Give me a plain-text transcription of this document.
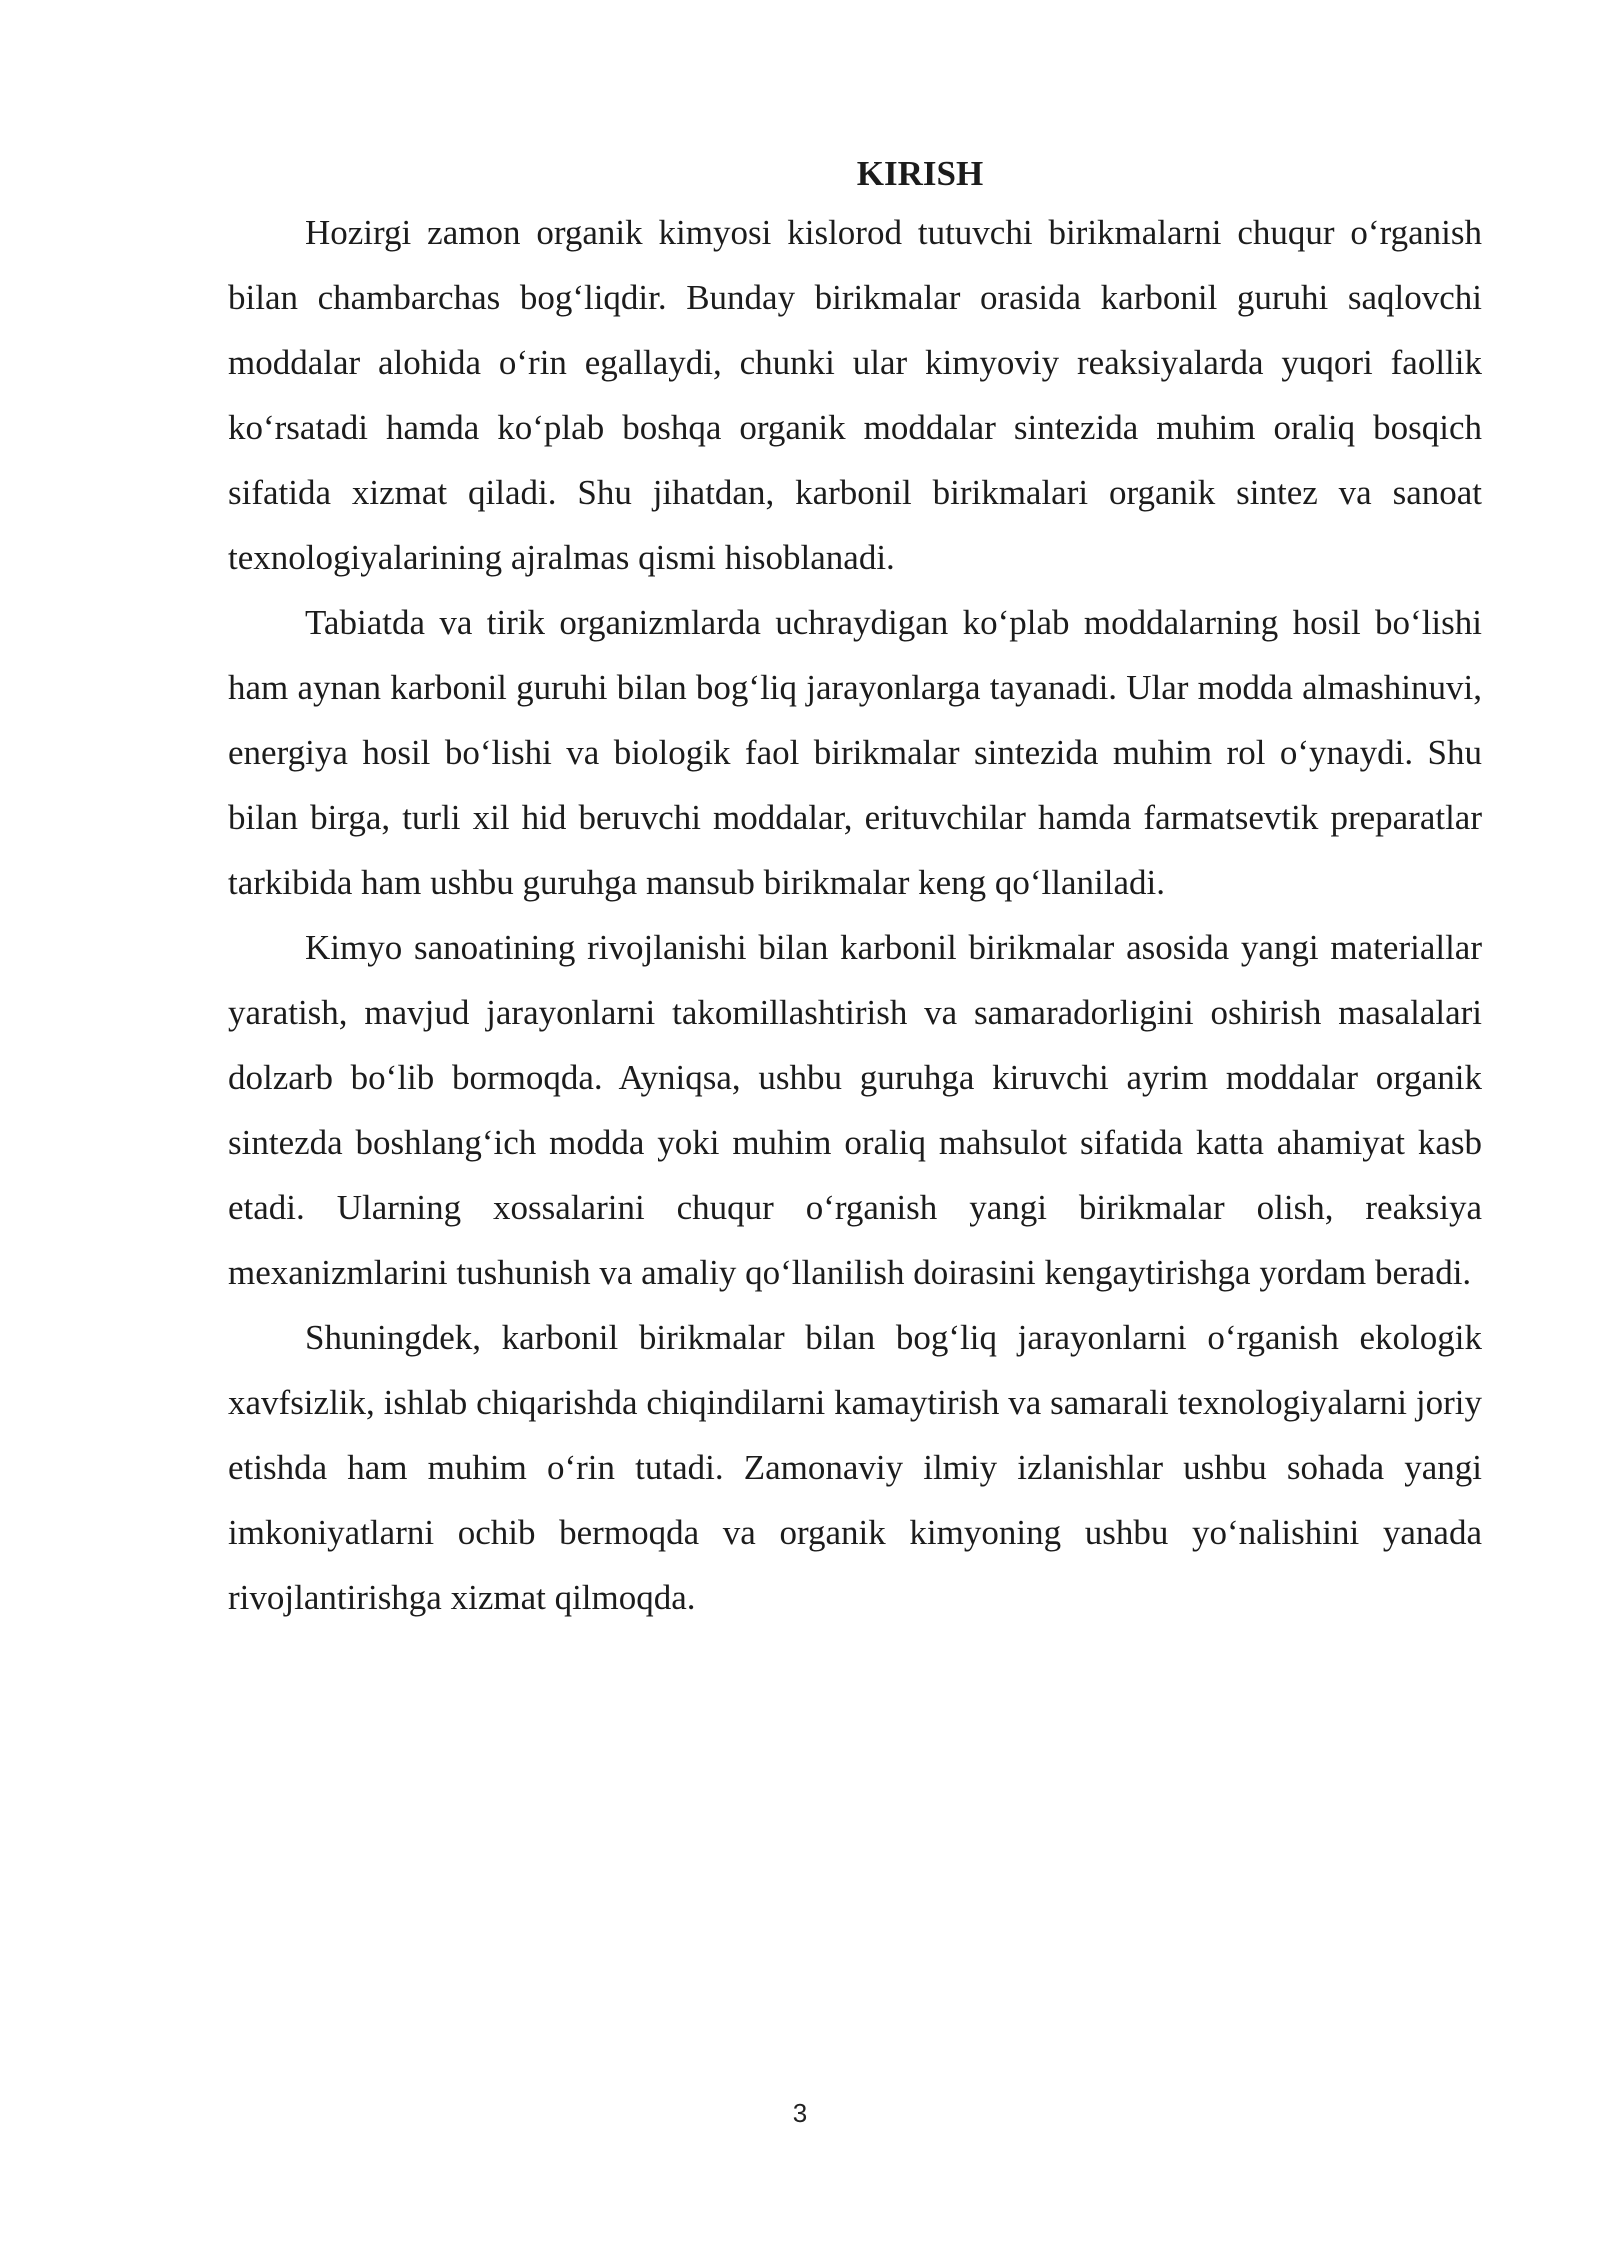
KIRISH

Hozirgi zamon organik kimyosi kislorod tutuvchi birikmalarni chuqur o‘rganish bilan chambarchas bog‘liqdir. Bunday birikmalar orasida karbonil guruhi saqlovchi moddalar alohida o‘rin egallaydi, chunki ular kimyoviy reaksiyalarda yuqori faollik ko‘rsatadi hamda ko‘plab boshqa organik moddalar sintezida muhim oraliq bosqich sifatida xizmat qiladi. Shu jihatdan, karbonil birikmalari organik sintez va sanoat texnologiyalarining ajralmas qismi hisoblanadi.

Tabiatda va tirik organizmlarda uchraydigan ko‘plab moddalarning hosil bo‘lishi ham aynan karbonil guruhi bilan bog‘liq jarayonlarga tayanadi. Ular modda almashinuvi, energiya hosil bo‘lishi va biologik faol birikmalar sintezida muhim rol o‘ynaydi. Shu bilan birga, turli xil hid beruvchi moddalar, erituvchilar hamda farmatsevtik preparatlar tarkibida ham ushbu guruhga mansub birikmalar keng qo‘llaniladi.

Kimyo sanoatining rivojlanishi bilan karbonil birikmalar asosida yangi materiallar yaratish, mavjud jarayonlarni takomillashtirish va samaradorligini oshirish masalalari dolzarb bo‘lib bormoqda. Ayniqsa, ushbu guruhga kiruvchi ayrim moddalar organik sintezda boshlang‘ich modda yoki muhim oraliq mahsulot sifatida katta ahamiyat kasb etadi. Ularning xossalarini chuqur o‘rganish yangi birikmalar olish, reaksiya mexanizmlarini tushunish va amaliy qo‘llanilish doirasini kengaytirishga yordam beradi.

Shuningdek, karbonil birikmalar bilan bog‘liq jarayonlarni o‘rganish ekologik xavfsizlik, ishlab chiqarishda chiqindilarni kamaytirish va samarali texnologiyalarni joriy etishda ham muhim o‘rin tutadi. Zamonaviy ilmiy izlanishlar ushbu sohada yangi imkoniyatlarni ochib bermoqda va organik kimyoning ushbu yo‘nalishini yanada rivojlantirishga xizmat qilmoqda.

3
